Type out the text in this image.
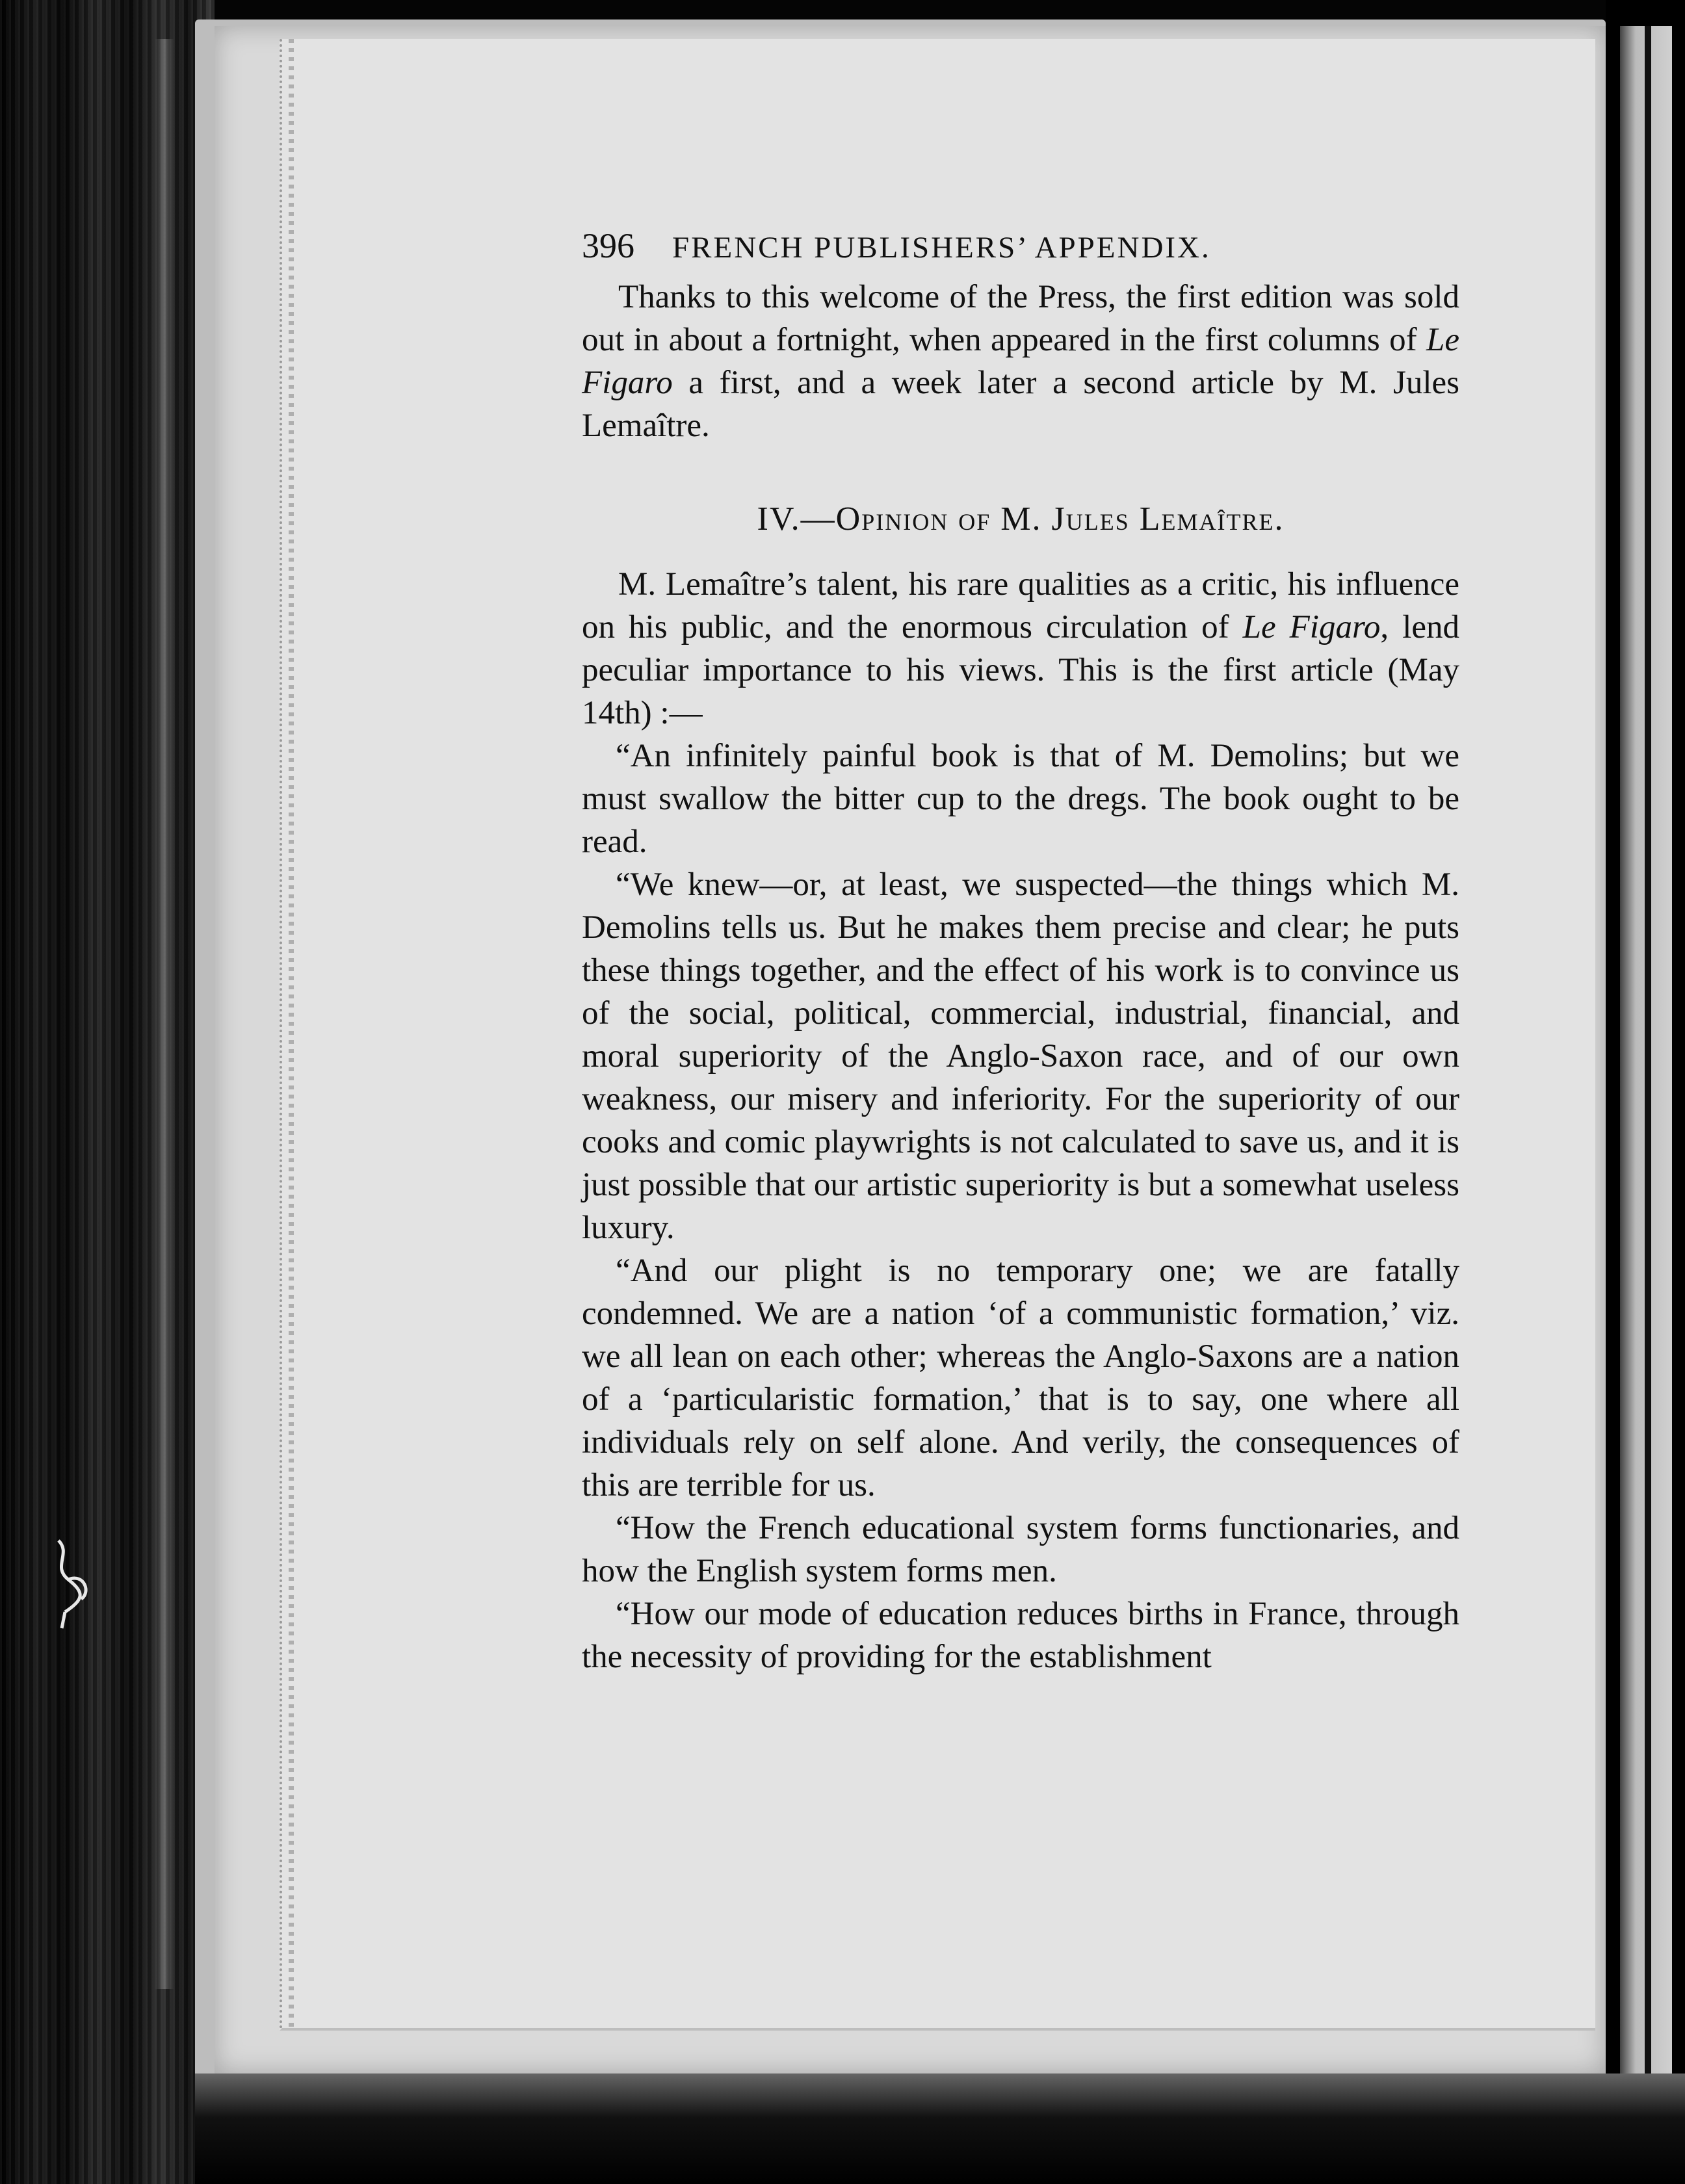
396 FRENCH PUBLISHERS’ APPENDIX.

Thanks to this welcome of the Press, the first edition was sold out in about a fortnight, when appeared in the first columns of Le Figaro a first, and a week later a second article by M. Jules Lemaître.

IV.—Opinion of M. Jules Lemaître.

M. Lemaître’s talent, his rare qualities as a critic, his influence on his public, and the enormous circulation of Le Figaro, lend peculiar importance to his views. This is the first article (May 14th) :—

“An infinitely painful book is that of M. Demolins; but we must swallow the bitter cup to the dregs. The book ought to be read.

“We knew—or, at least, we suspected—the things which M. Demolins tells us. But he makes them precise and clear; he puts these things together, and the effect of his work is to convince us of the social, political, commercial, industrial, financial, and moral superiority of the Anglo-Saxon race, and of our own weakness, our misery and inferiority. For the superiority of our cooks and comic playwrights is not calculated to save us, and it is just possible that our artistic superiority is but a somewhat useless luxury.

“And our plight is no temporary one; we are fatally condemned. We are a nation ‘of a communistic formation,’ viz. we all lean on each other; whereas the Anglo-Saxons are a nation of a ‘particularistic formation,’ that is to say, one where all individuals rely on self alone. And verily, the consequences of this are terrible for us.

“How the French educational system forms functionaries, and how the English system forms men.

“How our mode of education reduces births in France, through the necessity of providing for the establishment
